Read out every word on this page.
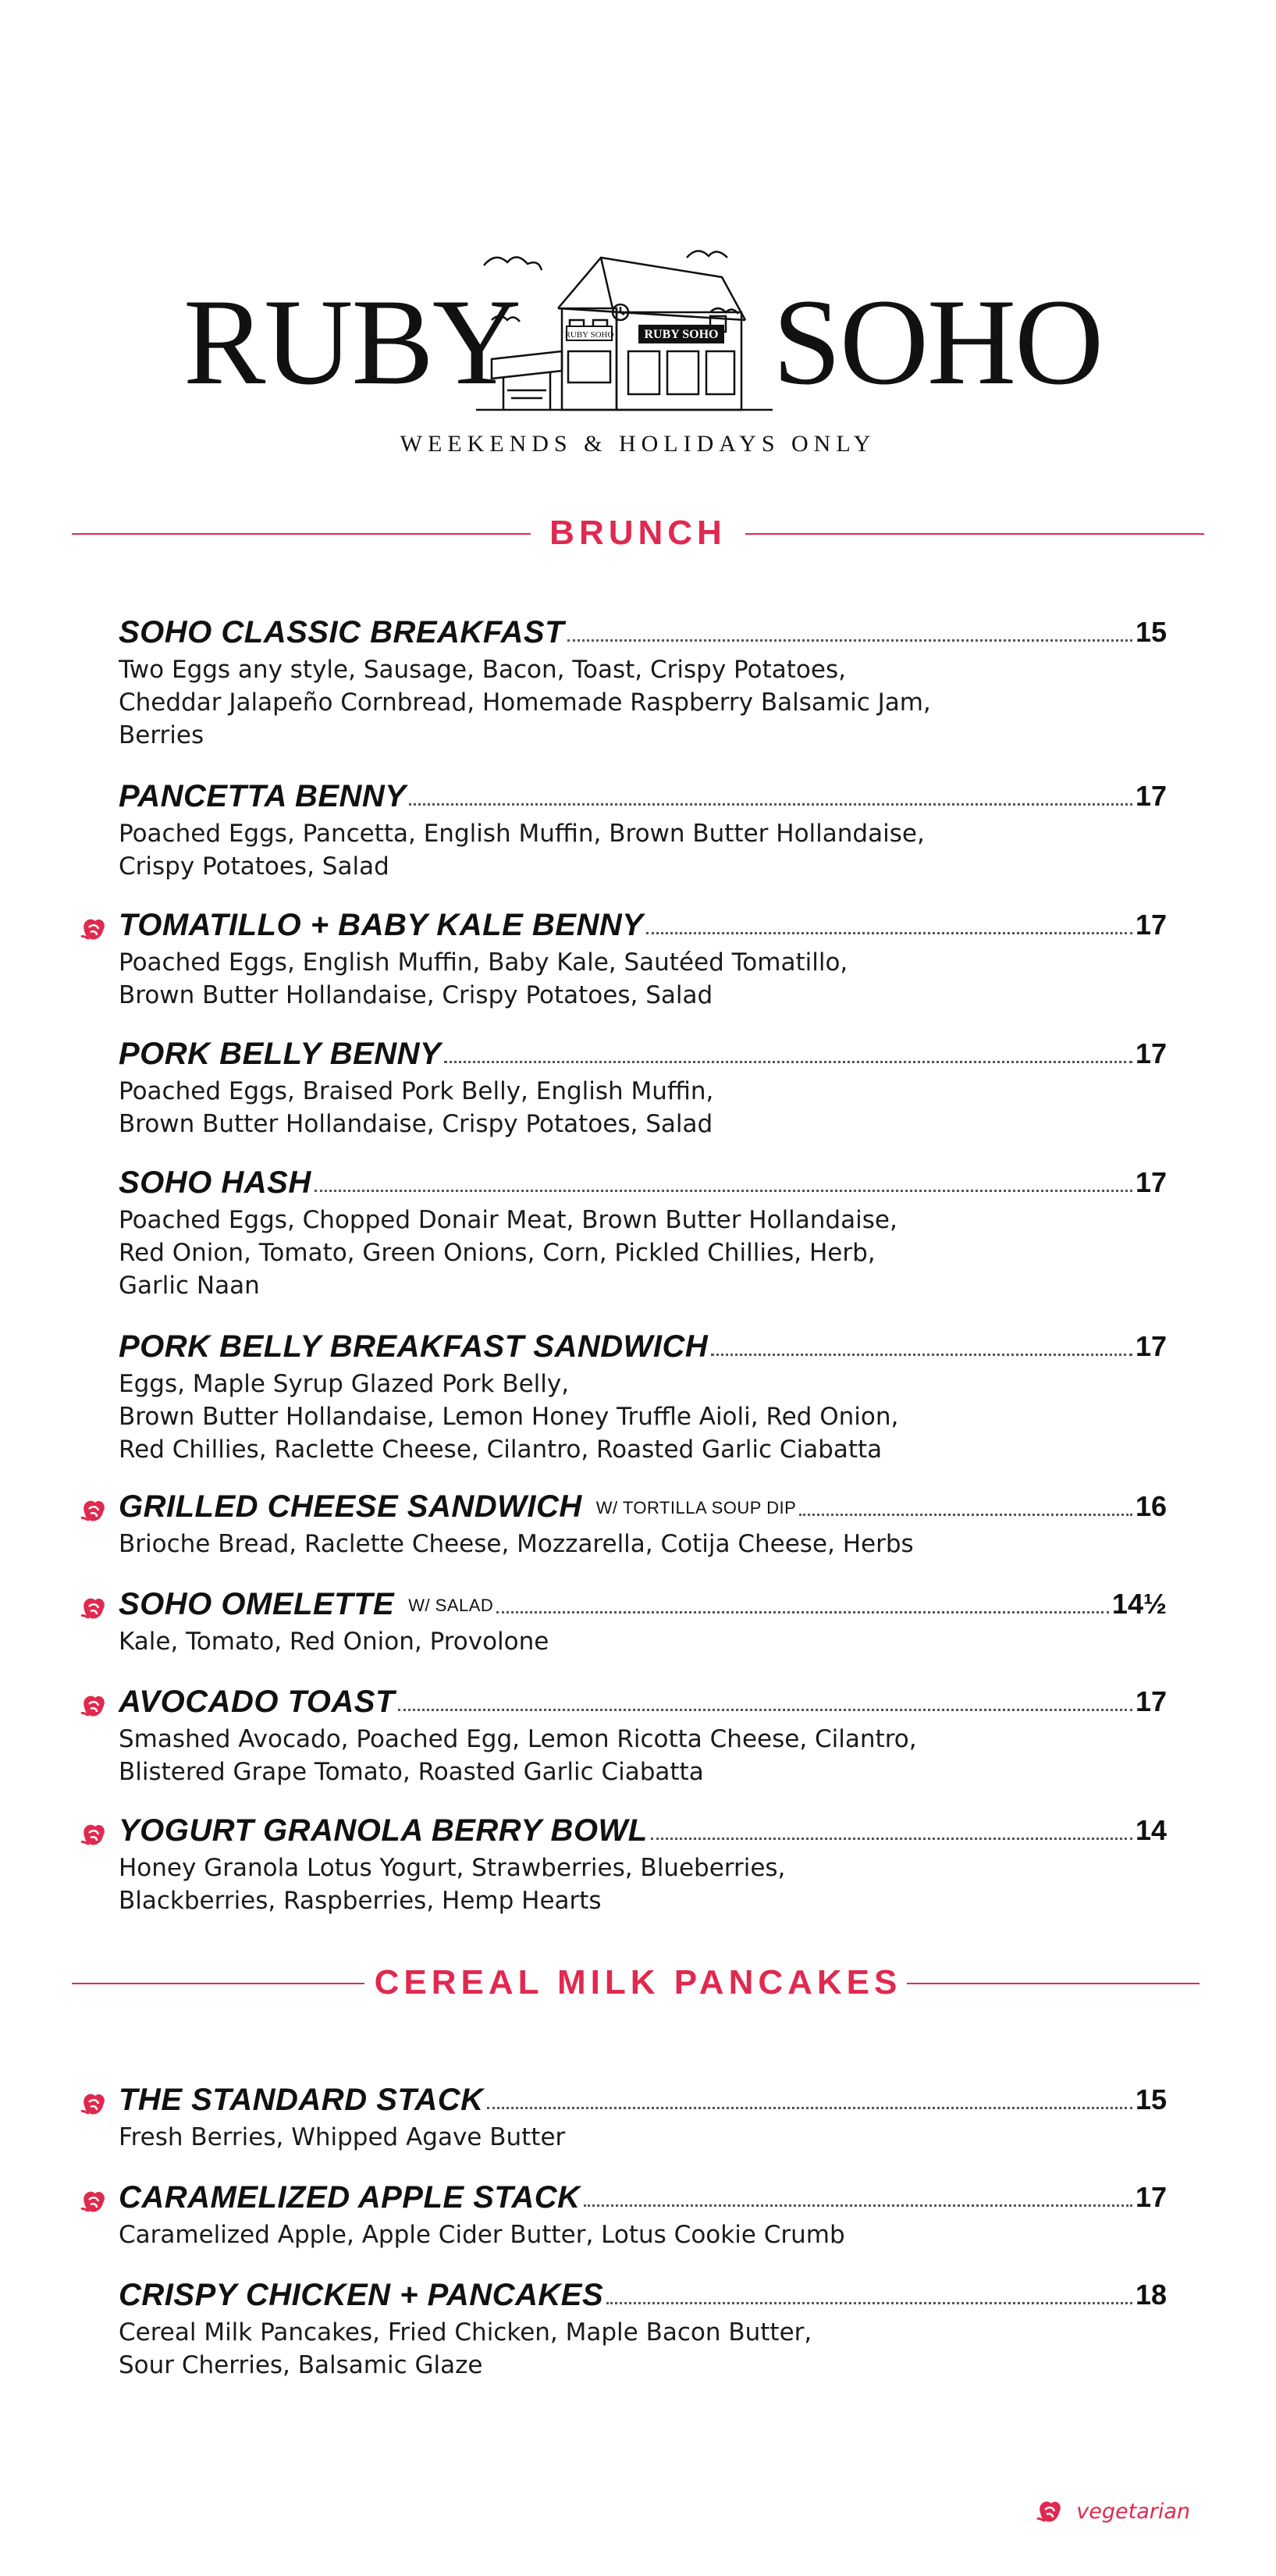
RUBY	RUBY SOHO
RUBY SOHO SOHO
WEEKENDS & HOLIDAYS ONLY
BRUNCH
CEREAL MILK PANCAKES
SOHO CLASSIC BREAKFAST	15
Two Eggs any style, Sausage, Bacon, Toast, Crispy Potatoes,
Cheddar Jalapeño Cornbread, Homemade Raspberry Balsamic Jam,
Berries
PANCETTA BENNY	17
Poached Eggs, Pancetta, English Muffin, Brown Butter Hollandaise,
Crispy Potatoes, Salad
TOMATILLO + BABY KALE BENNY	17
Poached Eggs, English Muffin, Baby Kale, Sautéed Tomatillo,
Brown Butter Hollandaise, Crispy Potatoes, Salad
PORK BELLY BENNY	17
Poached Eggs, Braised Pork Belly, English Muffin,
Brown Butter Hollandaise, Crispy Potatoes, Salad
SOHO HASH	17
Poached Eggs, Chopped Donair Meat, Brown Butter Hollandaise,
Red Onion, Tomato, Green Onions, Corn, Pickled Chillies, Herb,
Garlic Naan
PORK BELLY BREAKFAST SANDWICH	17
Eggs, Maple Syrup Glazed Pork Belly,
Brown Butter Hollandaise, Lemon Honey Truffle Aioli, Red Onion,
Red Chillies, Raclette Cheese, Cilantro, Roasted Garlic Ciabatta
GRILLED CHEESE SANDWICH W/ TORTILLA SOUP DIP	16
Brioche Bread, Raclette Cheese, Mozzarella, Cotija Cheese, Herbs
SOHO OMELETTE W/ SALAD	14½
Kale, Tomato, Red Onion, Provolone
AVOCADO TOAST	17
Smashed Avocado, Poached Egg, Lemon Ricotta Cheese, Cilantro,
Blistered Grape Tomato, Roasted Garlic Ciabatta
YOGURT GRANOLA BERRY BOWL	14
Honey Granola Lotus Yogurt, Strawberries, Blueberries,
Blackberries, Raspberries, Hemp Hearts
THE STANDARD STACK	15
Fresh Berries, Whipped Agave Butter
CARAMELIZED APPLE STACK	17
Caramelized Apple, Apple Cider Butter, Lotus Cookie Crumb
CRISPY CHICKEN + PANCAKES	18
Cereal Milk Pancakes, Fried Chicken, Maple Bacon Butter,
Sour Cherries, Balsamic Glaze
vegetarian
